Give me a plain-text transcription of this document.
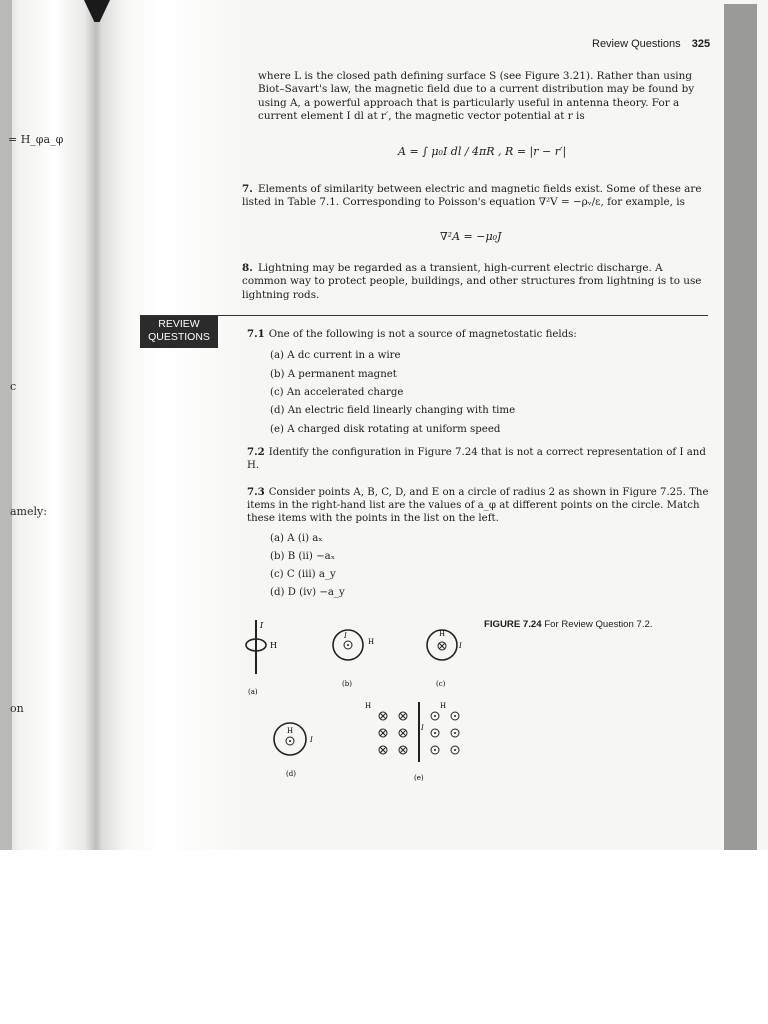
= H_φa_φ
c
amely:
on
Review Questions 325
where L is the closed path defining surface S (see Figure 3.21). Rather than using Biot–Savart's law, the magnetic field due to a current distribution may be found by using A, a powerful approach that is particularly useful in antenna theory. For a current element I dl at r′, the magnetic vector potential at r is
A = ∫ μ₀I dl / 4πR , R = |r − r′|
7. Elements of similarity between electric and magnetic fields exist. Some of these are listed in Table 7.1. Corresponding to Poisson's equation ∇²V = −ρᵥ/ε, for example, is
∇²A = −μ₀J
8. Lightning may be regarded as a transient, high-current electric discharge. A common way to protect people, buildings, and other structures from lightning is to use lightning rods.
REVIEW
QUESTIONS	7.1 One of the following is not a source of magnetostatic fields:
(a) A dc current in a wire
(b) A permanent magnet
(c) An accelerated charge
(d) An electric field linearly changing with time
(e) A charged disk rotating at uniform speed
7.2 Identify the configuration in Figure 7.24 that is not a correct representation of I and H.
7.3 Consider points A, B, C, D, and E on a circle of radius 2 as shown in Figure 7.25. The items in the right-hand list are the values of a_φ at different points on the circle. Match these items with the points in the list on the left.
(a) A (i) aₓ
(b) B (ii) −aₓ
(c) C (iii) a_y
(d) D (iv) −a_y
FIGURE 7.24 For Review Question 7.2.
I
H
(a)
I
H
(b)
H
I
(c)
H
I
(d)
H	H
I
(e)
